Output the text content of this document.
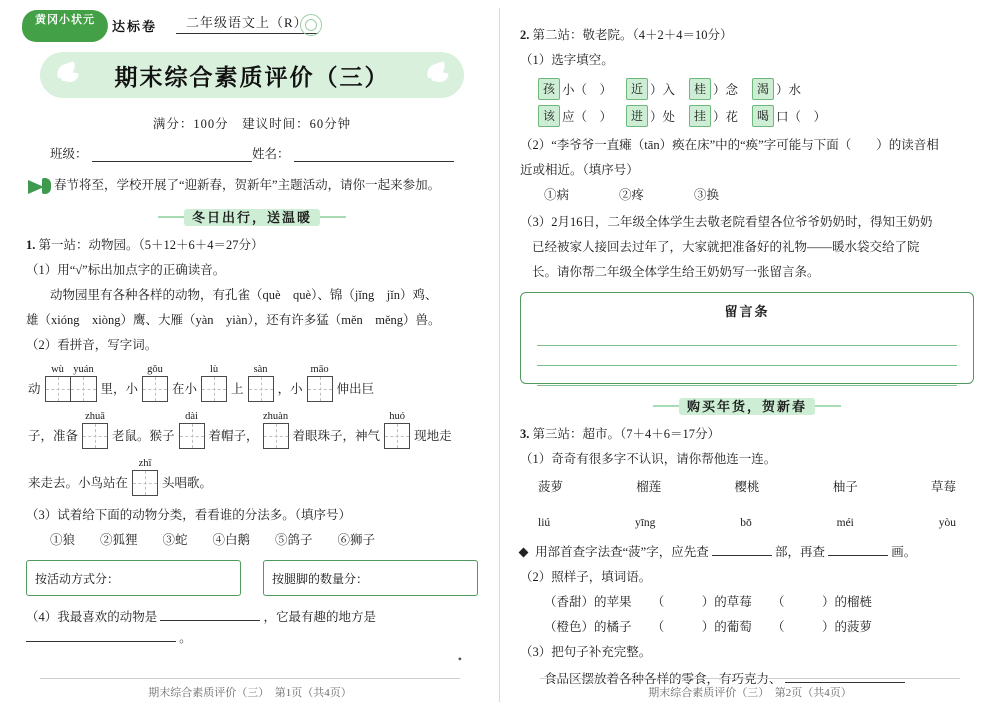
黄冈小状元	达标卷	二年级语文上（R）
期末综合素质评价（三）
满分：100分　建议时间：60分钟
班级：	姓名：
春节将至，学校开展了“迎新春，贺新年”主题活动，请你一起来参加。
冬日出行，送温暖
1. 第一站：动物园。（5＋12＋6＋4＝27分）
（1）用“√”标出加点字的正确读音。
动物园里有各种各样的动物，有孔雀（què　què）、锦（jǐng　jǐn）鸡、
雄（xióng　xiòng）鹰、大雁（yàn　yiàn），还有许多猛（měn　měng）兽。
（2）看拼音，写字词。
动
wù yuán
里，小
gǒu
在小
lù
上
sàn
，小
māo
伸出巨
子，准备
zhuā
老鼠。猴子
dài
着帽子，
zhuàn
着眼珠子，神气
huó
现地走
来走去。小鸟站在
zhī
头唱歌。
（3）试着给下面的动物分类，看看谁的分法多。（填序号）
①狼　　②狐狸　　③蛇　　④白鹅　　⑤鸽子　　⑥狮子
按活动方式分：	按腿脚的数量分：
（4）我最喜欢的动物是	，它最有趣的地方是  。
•
期末综合素质评价（三）　第1页（共4页）
2. 第二站：敬老院。（4＋2＋4＝10分）
（1）选字填空。
孩 小（　）	近 ）入	桂 ）念	渴 ）水
该 应（　）	进 ）处	挂 ）花	喝 口（　）
（2）“李爷爷一直瘫（tān）痪在床”中的“痪”字可能与下面（　　）的读音相
近或相近。（填序号）
①病　　　　②疼　　　　③换
（3）2月16日，二年级全体学生去敬老院看望各位爷爷奶奶时，得知王奶奶
已经被家人接回去过年了，大家就把准备好的礼物——暖水袋交给了院
长。请你帮二年级全体学生给王奶奶写一张留言条。
留言条
购买年货，贺新春
3. 第三站：超市。（7＋4＋6＝17分）
（1）奇奇有很多字不认识，请你帮他连一连。
菠萝	榴莲	樱桃	柚子	草莓
liú	yīng	bō	méi	yòu
用部首查字法查“菠”字，应先查	部，再查	画。
（2）照样子，填词语。
（香甜）的苹果 （　　　）的草莓 （　　　）的榴梿
（橙色）的橘子 （　　　）的葡萄 （　　　）的菠萝
（3）把句子补充完整。
食品区摆放着各种各样的零食，有巧克力、
期末综合素质评价（三）　第2页（共4页）
